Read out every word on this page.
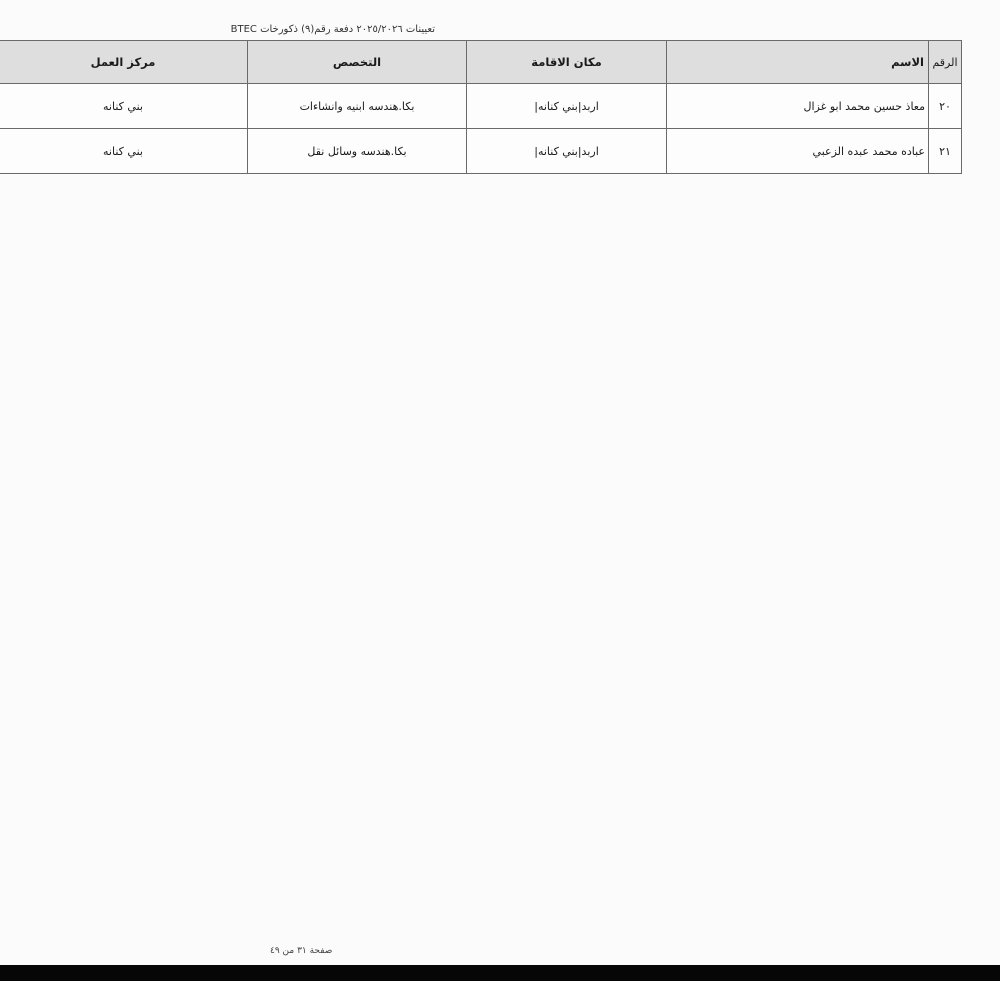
تعيينات ٢٠٢٥/٢٠٢٦ دفعة رقم(٩) ذكورخات BTEC
الرقم	الاسم	مكان الاقامة	التخصص	مركز العمل
٢٠	معاذ حسين محمد ابو غزال	اربد|بني كنانه|	بكا.هندسه ابنيه وانشاءات	بني كنانه
٢١	عباده محمد عبده الزعبي	اربد|بني كنانه|	بكا.هندسه وسائل نقل	بني كنانه
صفحة ٣١ من ٤٩
